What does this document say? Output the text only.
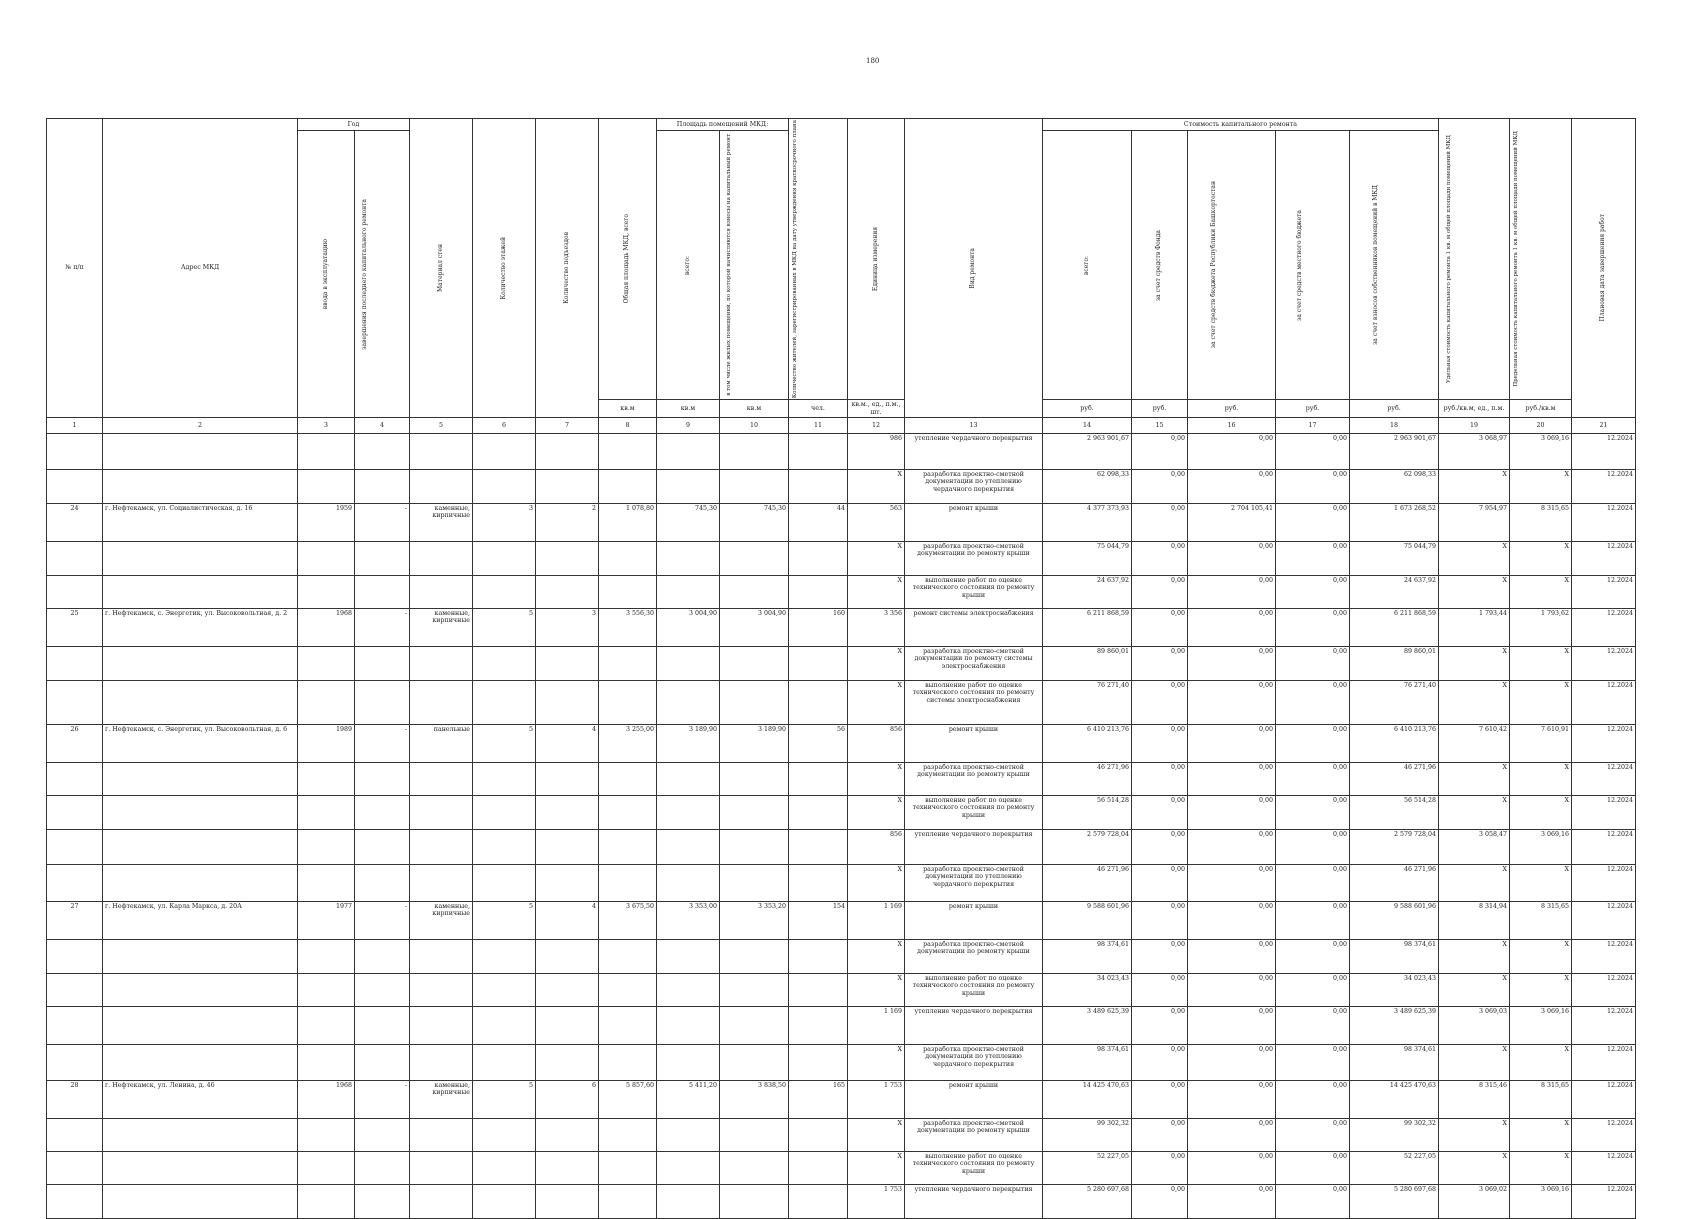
180
№ п/п	Адрес МКД	Год		Материал стен	Количество этажей	Количество подъездов	Общая площадь МКД, всего	Площадь помещений МКД:		Количество жителей, зарегистрированных в МКД на дату утверждения краткосрочного плана	Единица измерения	Вид ремонта	Стоимость капитального ремонта					Удельная стоимость капитального ремонта 1 кв. м общей площади помещений МКД	Предельная стоимость капитального ремонта 1 кв. м общей площади помещений МКД	Плановая дата завершения работ

		ввода в эксплуатацию	завершения последнего капитального ремонта					всего:	в том числе жилых помещений, по которой начисляются взносы на капитальный ремонт				всего:	за счет средств Фонда	за счет средств бюджета Республики Башкортостан	за счет средств местного бюджета	за счет взносов собственников помещений в МКД			

							кв.м	кв.м	кв.м	чел.	кв.м., ед., п.м., шт.		руб.	руб.	руб.	руб.	руб.	руб./кв.м, ед., п.м.	руб./кв.м	
1	2	3	4	5	6	7	8	9	10	11	12	13	14	15	16	17	18	19	20	21
											986	утепление чердачного перекрытия	2 963 901,67	0,00	0,00	0,00	2 963 901,67	3 068,97	3 069,16	12.2024
											X	разработка проектно-сметной документации по утеплению чердачного перекрытия	62 098,33	0,00	0,00	0,00	62 098,33	X	X	12.2024
24	г. Нефтекамск, ул. Социалистическая, д. 16	1959	-	каменные, кирпичные	3	2	1 078,80	745,30	745,30	44	563	ремонт крыши	4 377 373,93	0,00	2 704 105,41	0,00	1 673 268,52	7 954,97	8 315,65	12.2024
											X	разработка проектно-сметной документации по ремонту крыши	75 044,79	0,00	0,00	0,00	75 044,79	X	X	12.2024
											X	выполнение работ по оценке технического состояния по ремонту крыши	24 637,92	0,00	0,00	0,00	24 637,92	X	X	12.2024
25	г. Нефтекамск, с. Энергетик, ул. Высоковольтная, д. 2	1968	-	каменные, кирпичные	5	3	3 556,30	3 004,90	3 004,90	160	3 356	ремонт системы электроснабжения	6 211 868,59	0,00	0,00	0,00	6 211 868,59	1 793,44	1 793,62	12.2024
											X	разработка проектно-сметной документации по ремонту системы электроснабжения	89 860,01	0,00	0,00	0,00	89 860,01	X	X	12.2024
											X	выполнение работ по оценке технического состояния по ремонту системы электроснабжения	76 271,40	0,00	0,00	0,00	76 271,40	X	X	12.2024
26	г. Нефтекамск, с. Энергетик, ул. Высоковольтная, д. 6	1989	-	панельные	5	4	3 255,00	3 189,90	3 189,90	56	856	ремонт крыши	6 410 213,76	0,00	0,00	0,00	6 410 213,76	7 610,42	7 610,91	12.2024
											X	разработка проектно-сметной документации по ремонту крыши	46 271,96	0,00	0,00	0,00	46 271,96	X	X	12.2024
											X	выполнение работ по оценке технического состояния по ремонту крыши	56 514,28	0,00	0,00	0,00	56 514,28	X	X	12.2024
											856	утепление чердачного перекрытия	2 579 728,04	0,00	0,00	0,00	2 579 728,04	3 058,47	3 069,16	12.2024
											X	разработка проектно-сметной документации по утеплению чердачного перекрытия	46 271,96	0,00	0,00	0,00	46 271,96	X	X	12.2024
27	г. Нефтекамск, ул. Карла Маркса, д. 20А	1977	-	каменные, кирпичные	5	4	3 675,50	3 353,00	3 353,20	154	1 169	ремонт крыши	9 588 601,96	0,00	0,00	0,00	9 588 601,96	8 314,94	8 315,65	12.2024
											X	разработка проектно-сметной документации по ремонту крыши	98 374,61	0,00	0,00	0,00	98 374,61	X	X	12.2024
											X	выполнение работ по оценке технического состояния по ремонту крыши	34 023,43	0,00	0,00	0,00	34 023,43	X	X	12.2024
											1 169	утепление чердачного перекрытия	3 489 625,39	0,00	0,00	0,00	3 489 625,39	3 069,03	3 069,16	12.2024
											X	разработка проектно-сметной документации по утеплению чердачного перекрытия	98 374,61	0,00	0,00	0,00	98 374,61	X	X	12.2024
28	г. Нефтекамск, ул. Ленина, д. 46	1968	-	каменные, кирпичные	5	6	5 857,60	5 411,20	3 838,50	165	1 753	ремонт крыши	14 425 470,63	0,00	0,00	0,00	14 425 470,63	8 315,46	8 315,65	12.2024
											X	разработка проектно-сметной документации по ремонту крыши	99 302,32	0,00	0,00	0,00	99 302,32	X	X	12.2024
											X	выполнение работ по оценке технического состояния по ремонту крыши	52 227,05	0,00	0,00	0,00	52 227,05	X	X	12.2024
											1 753	утепление чердачного перекрытия	5 280 697,68	0,00	0,00	0,00	5 280 697,68	3 069,02	3 069,16	12.2024
